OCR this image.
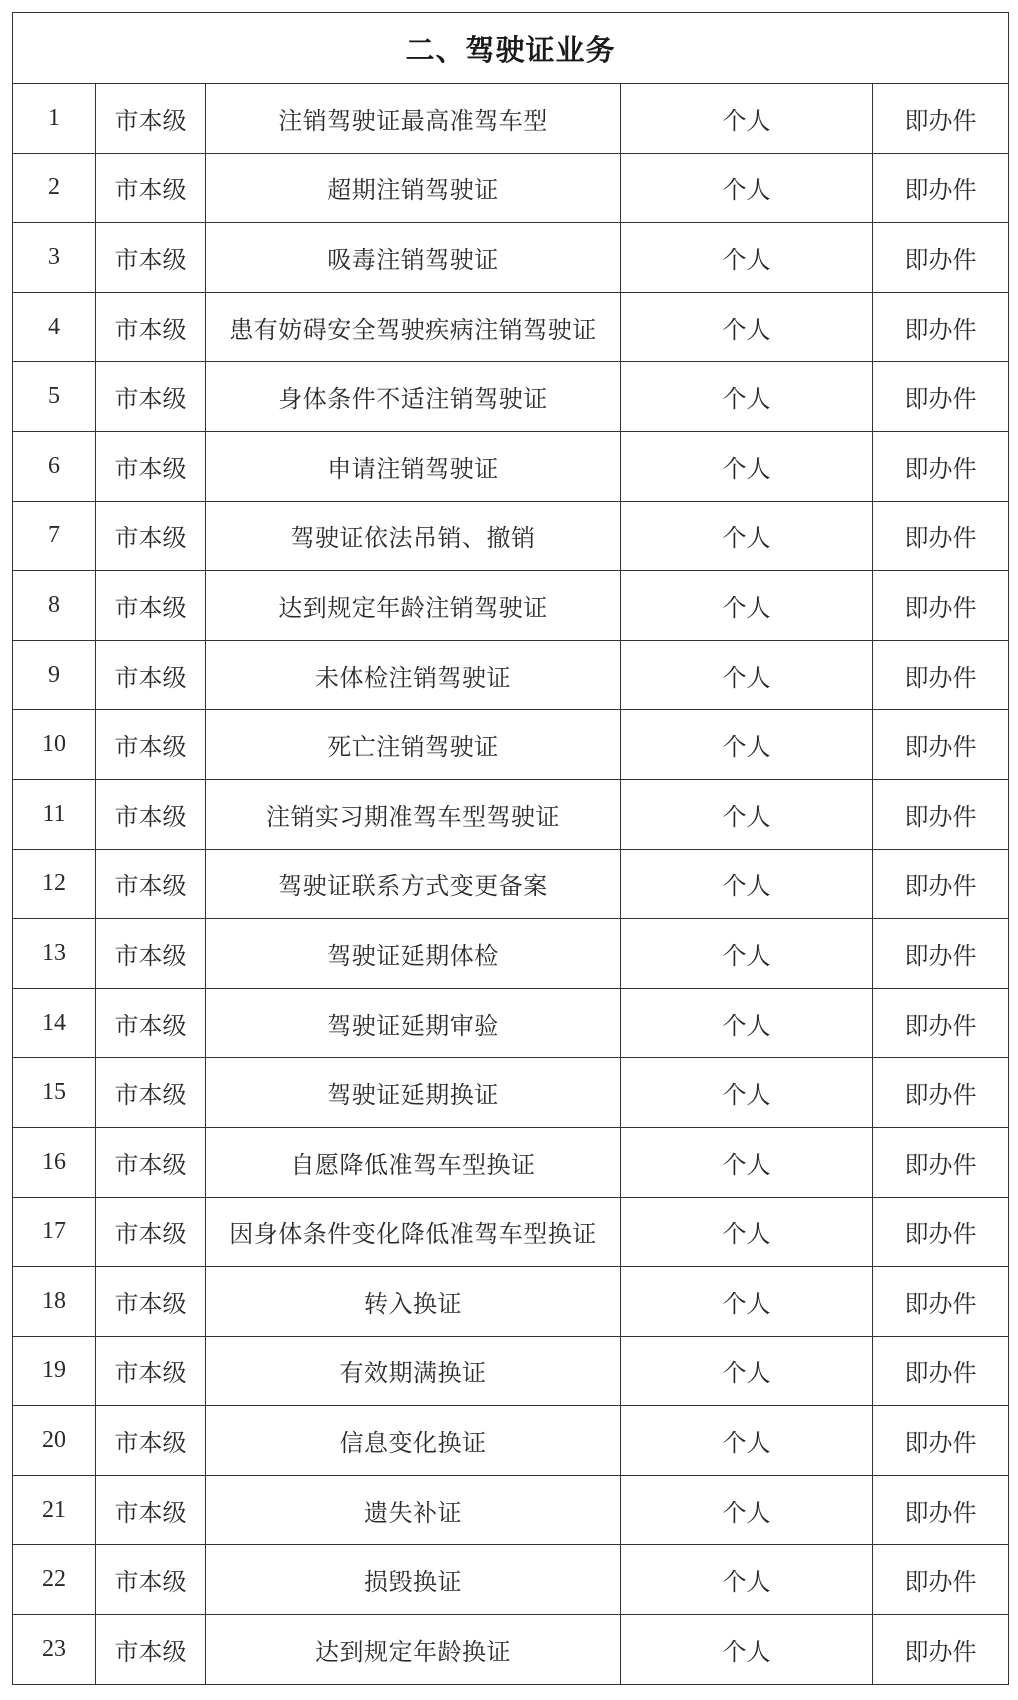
二、驾驶证业务				
1	市本级	注销驾驶证最高准驾车型	个人	即办件
2	市本级	超期注销驾驶证	个人	即办件
3	市本级	吸毒注销驾驶证	个人	即办件
4	市本级	患有妨碍安全驾驶疾病注销驾驶证	个人	即办件
5	市本级	身体条件不适注销驾驶证	个人	即办件
6	市本级	申请注销驾驶证	个人	即办件
7	市本级	驾驶证依法吊销、撤销	个人	即办件
8	市本级	达到规定年龄注销驾驶证	个人	即办件
9	市本级	未体检注销驾驶证	个人	即办件
10	市本级	死亡注销驾驶证	个人	即办件
11	市本级	注销实习期准驾车型驾驶证	个人	即办件
12	市本级	驾驶证联系方式变更备案	个人	即办件
13	市本级	驾驶证延期体检	个人	即办件
14	市本级	驾驶证延期审验	个人	即办件
15	市本级	驾驶证延期换证	个人	即办件
16	市本级	自愿降低准驾车型换证	个人	即办件
17	市本级	因身体条件变化降低准驾车型换证	个人	即办件
18	市本级	转入换证	个人	即办件
19	市本级	有效期满换证	个人	即办件
20	市本级	信息变化换证	个人	即办件
21	市本级	遗失补证	个人	即办件
22	市本级	损毁换证	个人	即办件
23	市本级	达到规定年龄换证	个人	即办件
